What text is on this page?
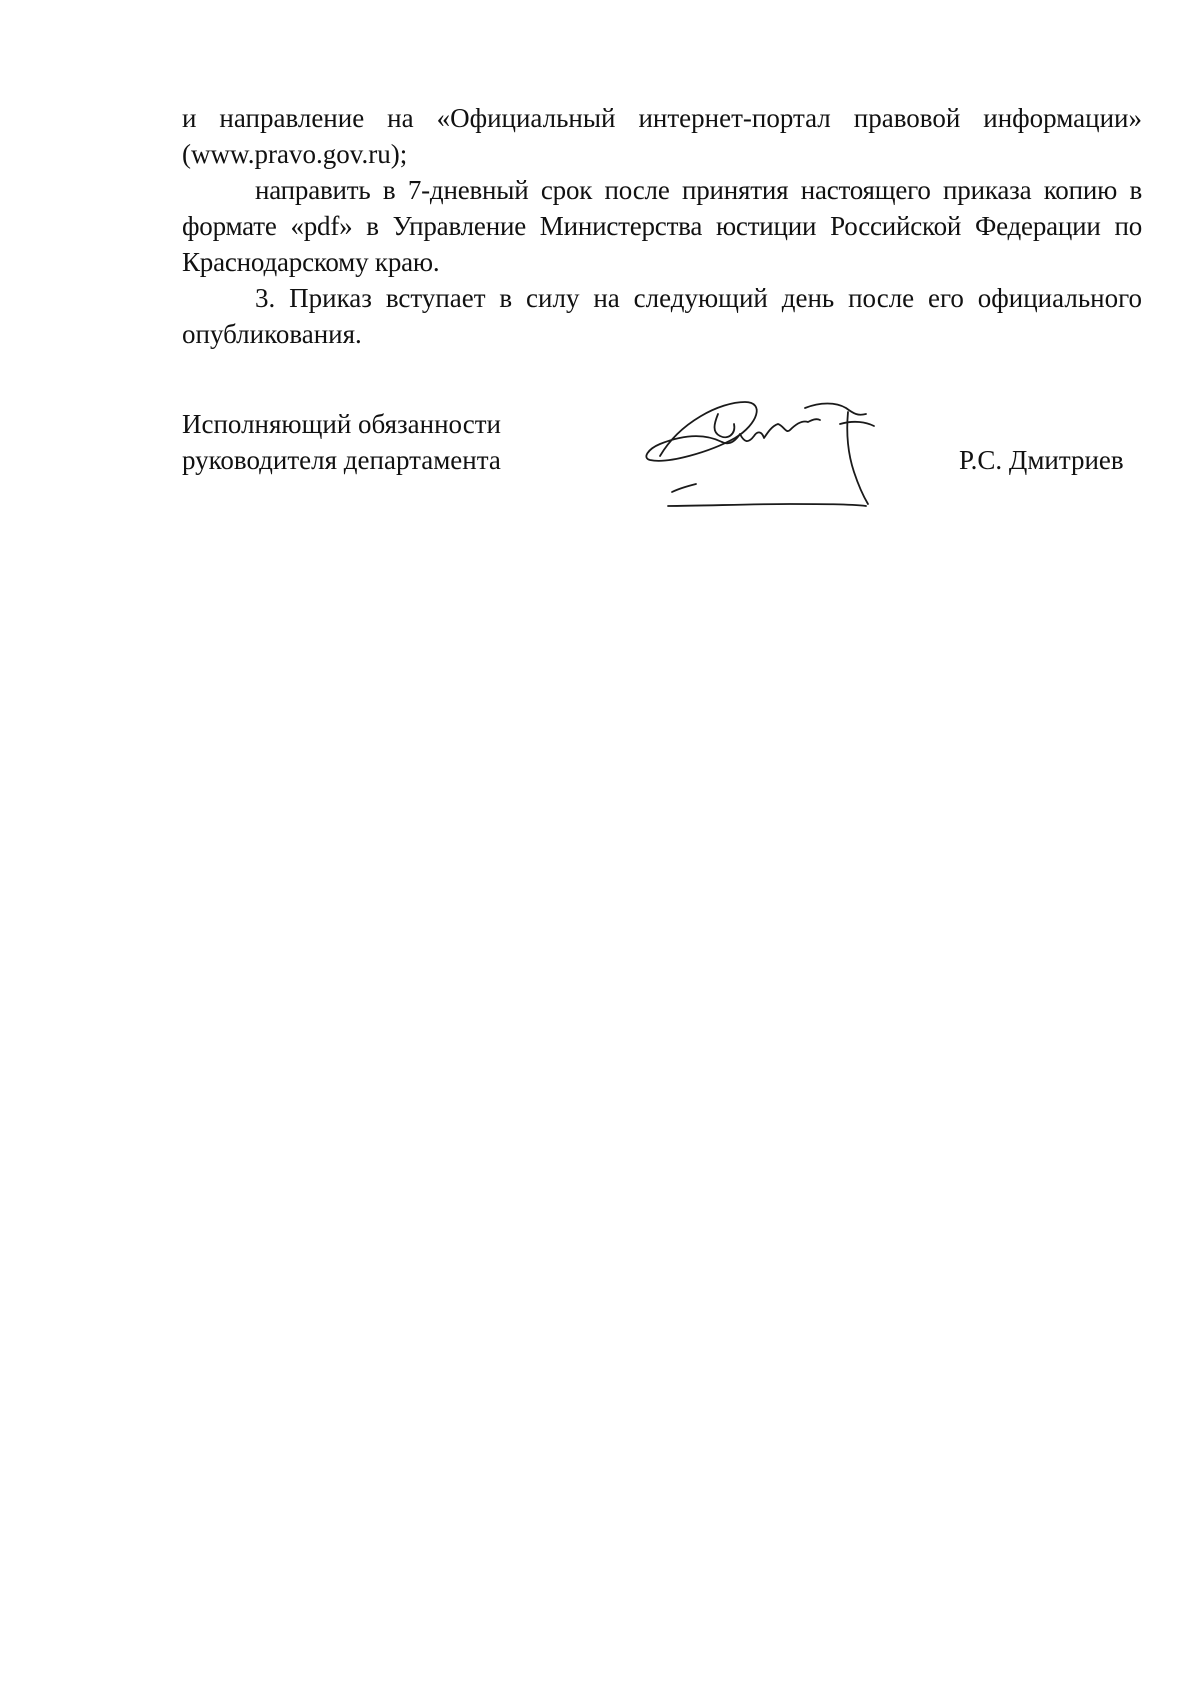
и направление на «Официальный интернет-портал правовой информации» (www.pravo.gov.ru);

направить в 7-дневный срок после принятия настоящего приказа копию в формате «pdf» в Управление Министерства юстиции Российской Федерации по Краснодарскому краю.

3. Приказ вступает в силу на следующий день после его официального опубликования.

Исполняющий обязанности
руководителя департамента	Р.С. Дмитриев
